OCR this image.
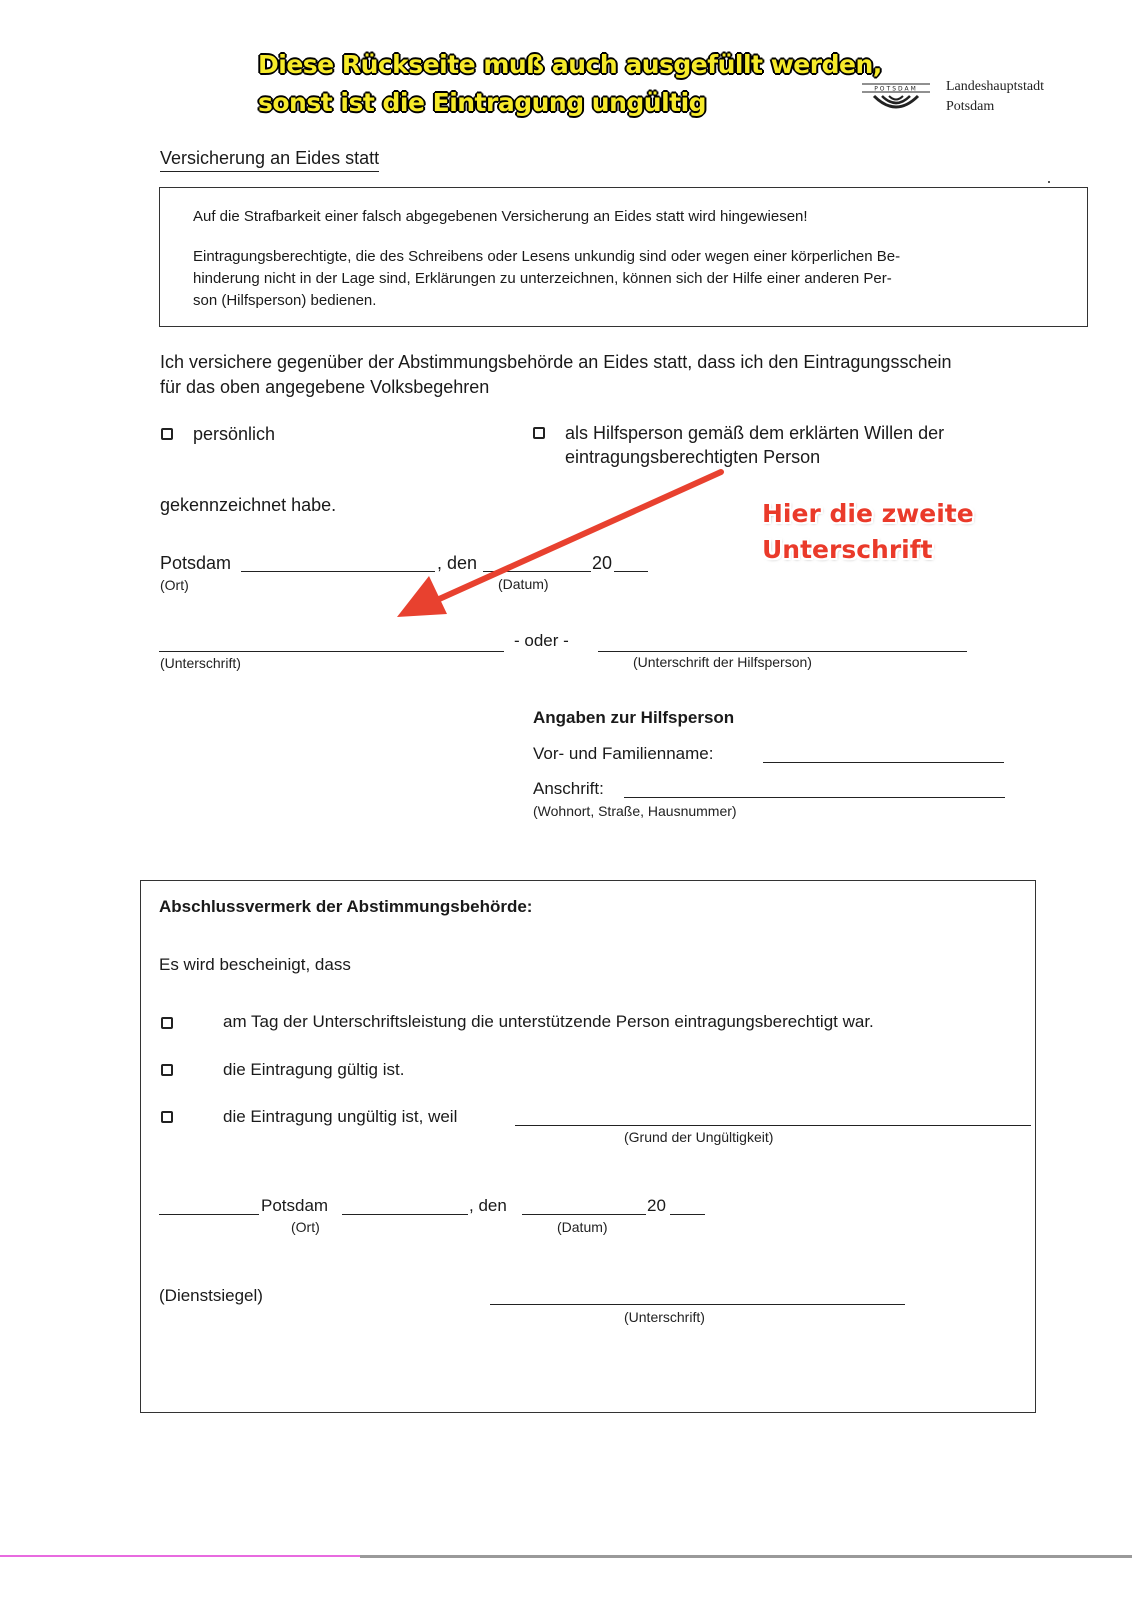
Diese Rückseite muß auch ausgefüllt werden,
sonst ist die Eintragung ungültig	POTSDAM Landeshauptstadt
Potsdam
Versicherung an Eides statt
Auf die Strafbarkeit einer falsch abgegebenen Versicherung an Eides statt wird hingewiesen!
Eintragungsberechtigte, die des Schreibens oder Lesens unkundig sind oder wegen einer körperlichen Be-
hinderung nicht in der Lage sind, Erklärungen zu unterzeichnen, können sich der Hilfe einer anderen Per-
son (Hilfsperson) bedienen.
Ich versichere gegenüber der Abstimmungsbehörde an Eides statt, dass ich den Eintragungsschein
für das oben angegebene Volksbegehren
persönlich	als Hilfsperson gemäß dem erklärten Willen der
eintragungsberechtigten Person
gekennzeichnet habe.	Hier die zweite
Unterschrift
Potsdam	, den	20
(Ort)	(Datum)
- oder -
(Unterschrift)	(Unterschrift der Hilfsperson)
Angaben zur Hilfsperson
Vor- und Familienname:
Anschrift:
(Wohnort, Straße, Hausnummer)
Abschlussvermerk der Abstimmungsbehörde:
Es wird bescheinigt, dass
am Tag der Unterschriftsleistung die unterstützende Person eintragungsberechtigt war.
die Eintragung gültig ist.
die Eintragung ungültig ist, weil
(Grund der Ungültigkeit)
Potsdam	, den	20
(Ort)	(Datum)
(Dienstsiegel)
(Unterschrift)
